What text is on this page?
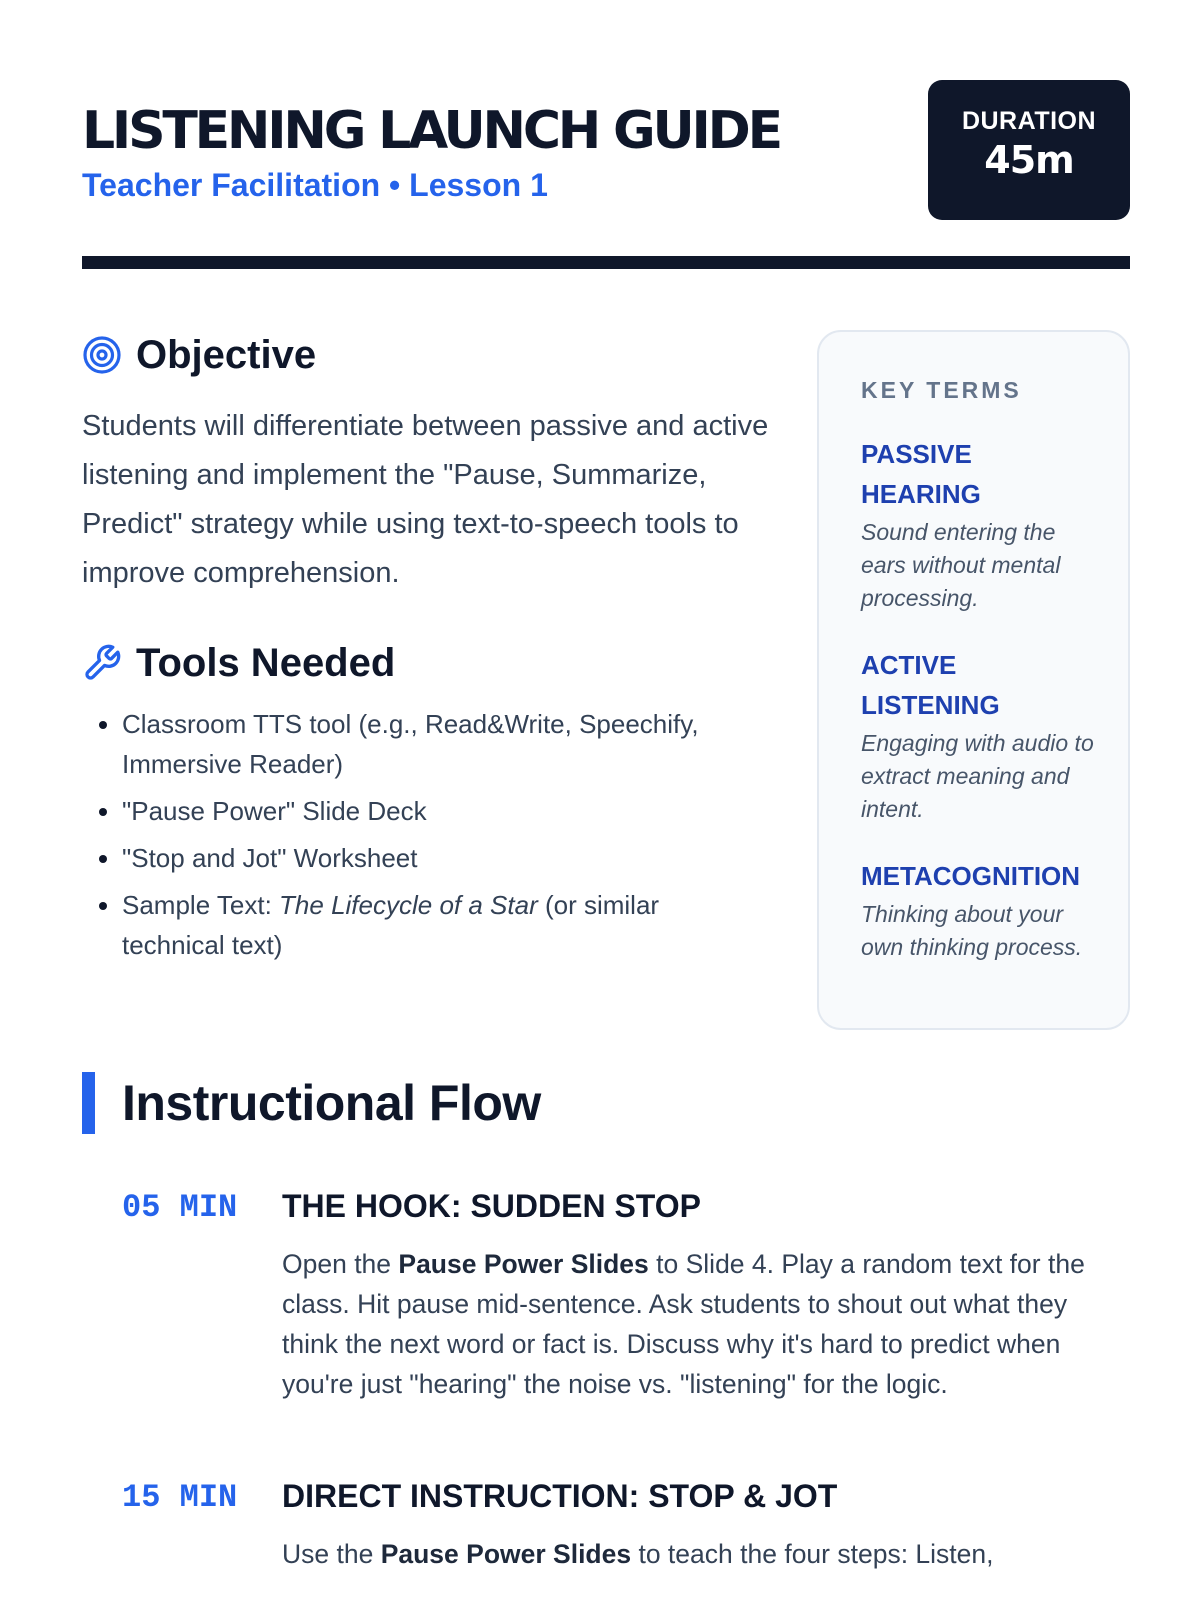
LISTENING LAUNCH GUIDE
Teacher Facilitation • Lesson 1
DURATION
45m
Objective

Students will differentiate between passive and active listening and implement the "Pause, Summarize, Predict" strategy while using text-to-speech tools to improve comprehension.

Tools Needed
• Classroom TTS tool (e.g., Read&Write, Speechify, Immersive Reader)
• "Pause Power" Slide Deck
• "Stop and Jot" Worksheet
• Sample Text: The Lifecycle of a Star (or similar technical text)
KEY TERMS
PASSIVE HEARING
Sound entering the ears without mental processing.
ACTIVE LISTENING
Engaging with audio to extract meaning and intent.
METACOGNITION
Thinking about your own thinking process.
Instructional Flow
05 MIN THE HOOK: SUDDEN STOP

Open the Pause Power Slides to Slide 4. Play a random text for the class. Hit pause mid-sentence. Ask students to shout out what they think the next word or fact is. Discuss why it's hard to predict when you're just "hearing" the noise vs. "listening" for the logic.

15 MIN DIRECT INSTRUCTION: STOP & JOT

Use the Pause Power Slides to teach the four steps: Listen,
